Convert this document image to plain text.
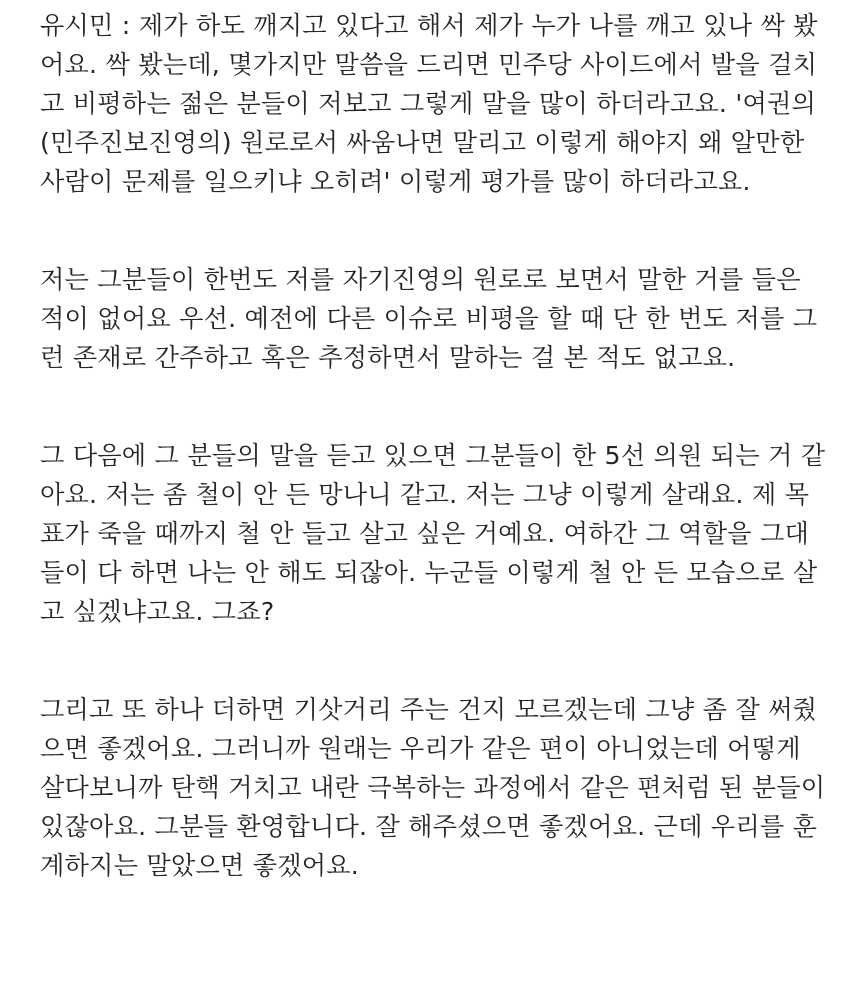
유시민 : 제가 하도 깨지고 있다고 해서 제가 누가 나를 깨고 있나 싹 봤
어요. 싹 봤는데, 몇가지만 말씀을 드리면 민주당 사이드에서 발을 걸치
고 비평하는 젊은 분들이 저보고 그렇게 말을 많이 하더라고요. '여권의
(민주진보진영의) 원로로서 싸움나면 말리고 이렇게 해야지 왜 알만한
사람이 문제를 일으키냐 오히려' 이렇게 평가를 많이 하더라고요.

저는 그분들이 한번도 저를 자기진영의 원로로 보면서 말한 거를 들은
적이 없어요 우선. 예전에 다른 이슈로 비평을 할 때 단 한 번도 저를 그
런 존재로 간주하고 혹은 추정하면서 말하는 걸 본 적도 없고요.

그 다음에 그 분들의 말을 듣고 있으면 그분들이 한 5선 의원 되는 거 같
아요. 저는 좀 철이 안 든 망나니 같고. 저는 그냥 이렇게 살래요. 제 목
표가 죽을 때까지 철 안 들고 살고 싶은 거예요. 여하간 그 역할을 그대
들이 다 하면 나는 안 해도 되잖아. 누군들 이렇게 철 안 든 모습으로 살
고 싶겠냐고요. 그죠?

그리고 또 하나 더하면 기삿거리 주는 건지 모르겠는데 그냥 좀 잘 써줬
으면 좋겠어요. 그러니까 원래는 우리가 같은 편이 아니었는데 어떻게
살다보니까 탄핵 거치고 내란 극복하는 과정에서 같은 편처럼 된 분들이
있잖아요. 그분들 환영합니다. 잘 해주셨으면 좋겠어요. 근데 우리를 훈
계하지는 말았으면 좋겠어요.
